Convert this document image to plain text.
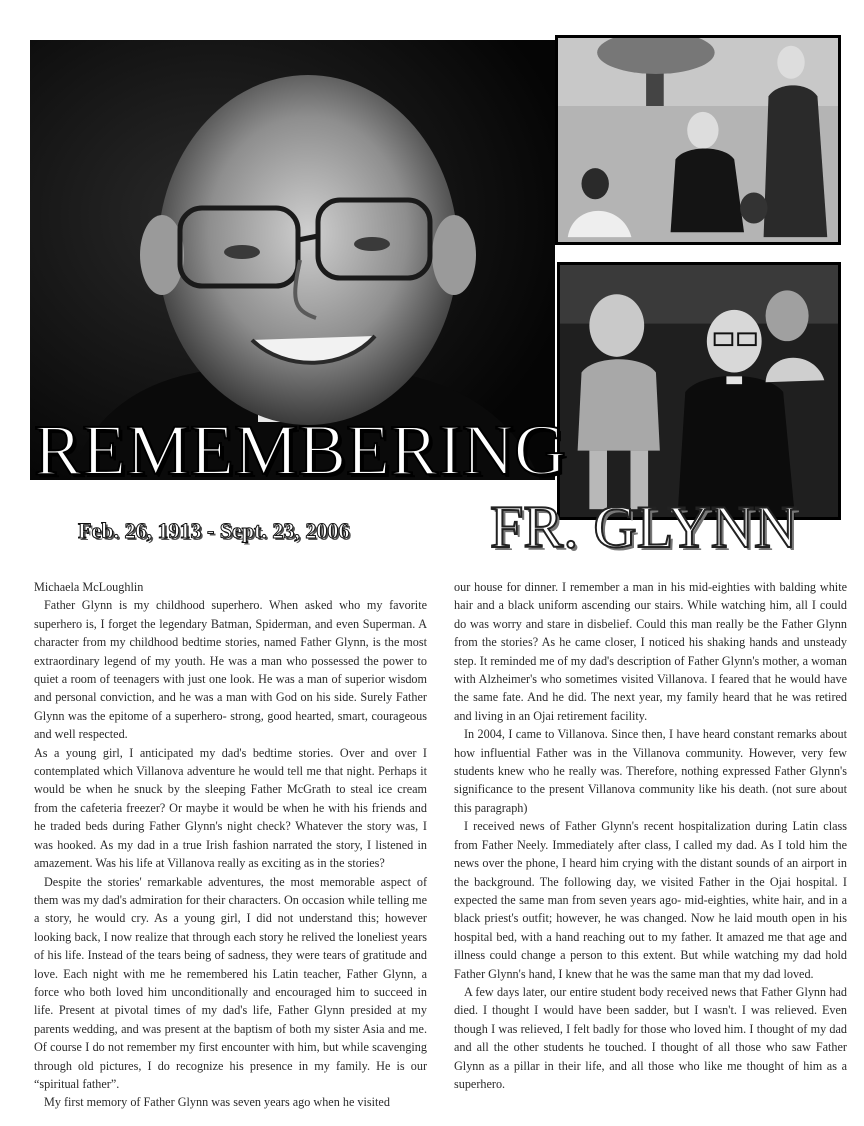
REMEMBERING
Feb. 26, 1913 - Sept. 23, 2006 FR. GLYNN

Michaela McLoughlin

Father Glynn is my childhood superhero. When asked who my favorite superhero is, I forget the legendary Batman, Spiderman, and even Superman. A character from my childhood bedtime stories, named Father Glynn, is the most extraordinary legend of my youth. He was a man who possessed the power to quiet a room of teenagers with just one look. He was a man of superior wisdom and personal conviction, and he was a man with God on his side. Surely Father Glynn was the epitome of a superhero- strong, good hearted, smart, courageous and well respected.

As a young girl, I anticipated my dad's bedtime stories. Over and over I contemplated which Villanova adventure he would tell me that night. Perhaps it would be when he snuck by the sleeping Father McGrath to steal ice cream from the cafeteria freezer? Or maybe it would be when he with his friends and he traded beds during Father Glynn's night check? Whatever the story was, I was hooked. As my dad in a true Irish fashion narrated the story, I listened in amazement. Was his life at Villanova really as exciting as in the stories?

Despite the stories' remarkable adventures, the most memorable aspect of them was my dad's admiration for their characters. On occasion while telling me a story, he would cry. As a young girl, I did not understand this; however looking back, I now realize that through each story he relived the loneliest years of his life. Instead of the tears being of sadness, they were tears of gratitude and love. Each night with me he remembered his Latin teacher, Father Glynn, a force who both loved him unconditionally and encouraged him to succeed in life. Present at pivotal times of my dad's life, Father Glynn presided at my parents wedding, and was present at the baptism of both my sister Asia and me. Of course I do not remember my first encounter with him, but while scavenging through old pictures, I do recognize his presence in my family. He is our “spiritual father”.

My first memory of Father Glynn was seven years ago when he visited

our house for dinner. I remember a man in his mid-eighties with balding white hair and a black uniform ascending our stairs. While watching him, all I could do was worry and stare in disbelief. Could this man really be the Father Glynn from the stories? As he came closer, I noticed his shaking hands and unsteady step. It reminded me of my dad's description of Father Glynn's mother, a woman with Alzheimer's who sometimes visited Villanova. I feared that he would have the same fate. And he did. The next year, my family heard that he was retired and living in an Ojai retirement facility.

In 2004, I came to Villanova. Since then, I have heard constant remarks about how influential Father was in the Villanova community. However, very few students knew who he really was. Therefore, nothing expressed Father Glynn's significance to the present Villanova community like his death. (not sure about this paragraph)

I received news of Father Glynn's recent hospitalization during Latin class from Father Neely. Immediately after class, I called my dad. As I told him the news over the phone, I heard him crying with the distant sounds of an airport in the background. The following day, we visited Father in the Ojai hospital. I expected the same man from seven years ago- mid-eighties, white hair, and in a black priest's outfit; however, he was changed. Now he laid mouth open in his hospital bed, with a hand reaching out to my father. It amazed me that age and illness could change a person to this extent. But while watching my dad hold Father Glynn's hand, I knew that he was the same man that my dad loved.

A few days later, our entire student body received news that Father Glynn had died. I thought I would have been sadder, but I wasn't. I was relieved. Even though I was relieved, I felt badly for those who loved him. I thought of my dad and all the other students he touched. I thought of all those who saw Father Glynn as a pillar in their life, and all those who like me thought of him as a superhero.
